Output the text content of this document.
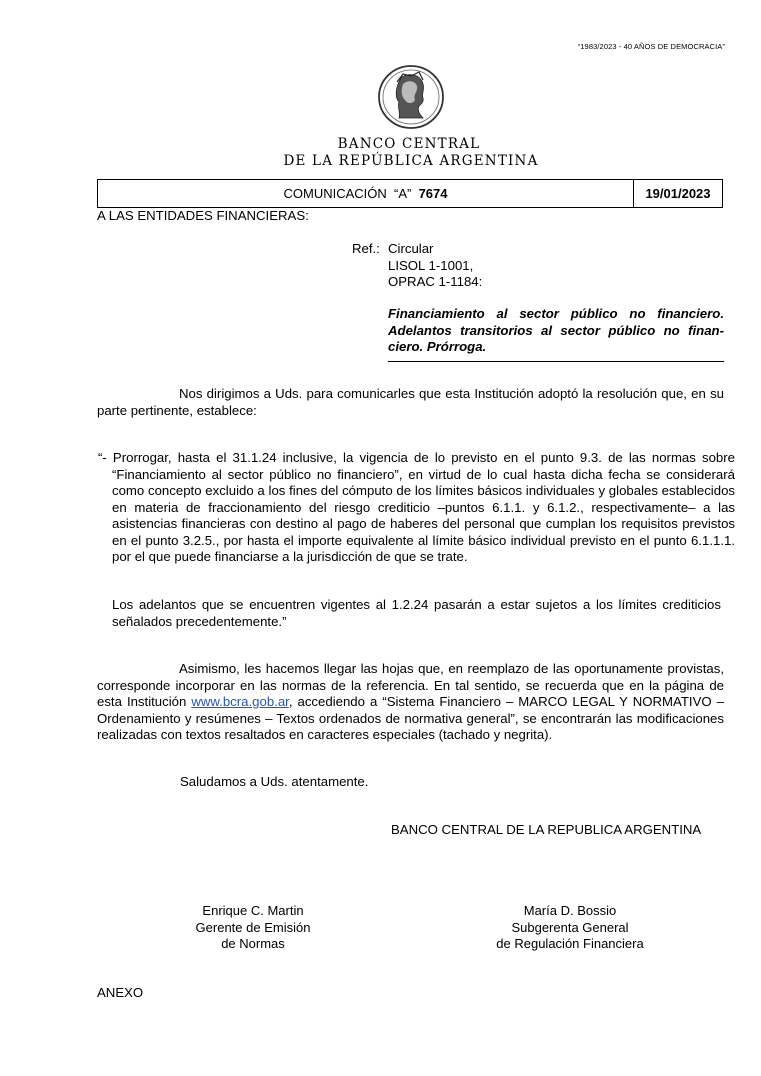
“1983/2023 - 40 AÑOS DE DEMOCRACIA”
BANCO CENTRAL
DE LA REPÚBLICA ARGENTINA
COMUNICACIÓN  “A” 7674	19/01/2023
A LAS ENTIDADES FINANCIERAS:
Ref.: Circular
LISOL 1-1001,
OPRAC 1-1184:
Financiamiento al sector público no financiero.
Adelantos transitorios al sector público no finan-
ciero. Prórroga.
Nos dirigimos a Uds. para comunicarles que esta Institución adoptó la resolución que, en su parte pertinente, establece:
“- Prorrogar, hasta el 31.1.24 inclusive, la vigencia de lo previsto en el punto 9.3. de las normas sobre “Financiamiento al sector público no financiero”, en virtud de lo cual hasta dicha fecha se considerará como concepto excluido a los fines del cómputo de los límites básicos individuales y globales establecidos en materia de fraccionamiento del riesgo crediticio –puntos 6.1.1. y 6.1.2., respectivamente– a las asistencias financieras con destino al pago de haberes del personal que cumplan los requisitos previstos en el punto 3.2.5., por hasta el importe equivalente al límite básico individual previsto en el punto 6.1.1.1. por el que puede financiarse a la jurisdicción de que se trate.
Los adelantos que se encuentren vigentes al 1.2.24 pasarán a estar sujetos a los límites crediticios señalados precedentemente.”
Asimismo, les hacemos llegar las hojas que, en reemplazo de las oportunamente provistas, corresponde incorporar en las normas de la referencia. En tal sentido, se recuerda que en la página de esta Institución www.bcra.gob.ar, accediendo a “Sistema Financiero – MARCO LEGAL Y NORMATIVO – Ordenamiento y resúmenes – Textos ordenados de normativa general”, se encontrarán las modificaciones realizadas con textos resaltados en caracteres especiales (tachado y negrita).
Saludamos a Uds. atentamente.
BANCO CENTRAL DE LA REPUBLICA ARGENTINA
Enrique C. Martin
Gerente de Emisión
de Normas
María D. Bossio
Subgerenta General
de Regulación Financiera
ANEXO
